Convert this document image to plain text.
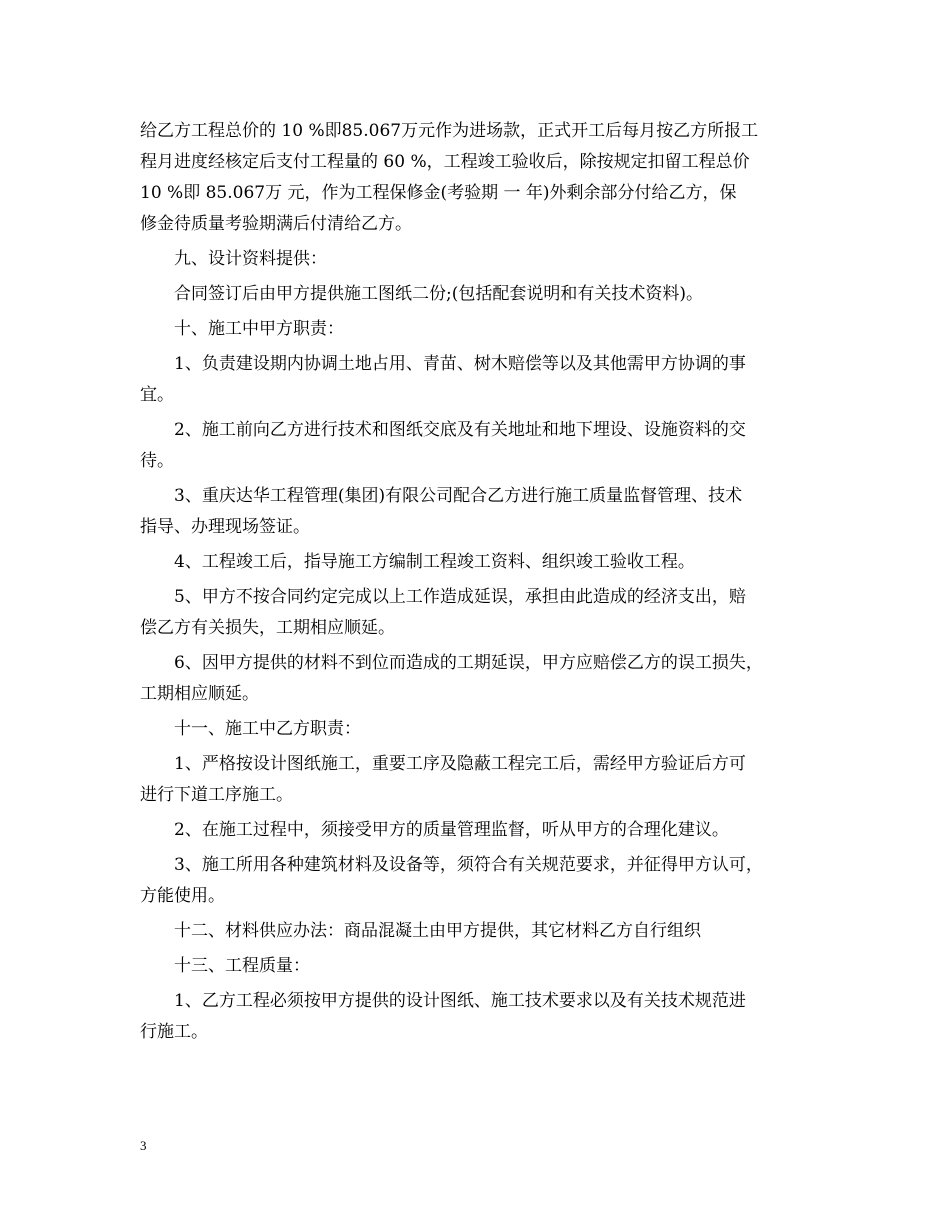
给乙方工程总价的 10 %即85.067万元作为进场款，正式开工后每月按乙方所报工
程月进度经核定后支付工程量的 60 %，工程竣工验收后，除按规定扣留工程总价
10 %即 85.067万 元，作为工程保修金(考验期 一 年)外剩余部分付给乙方，保
修金待质量考验期满后付清给乙方。
九、设计资料提供：
合同签订后由甲方提供施工图纸二份;(包括配套说明和有关技术资料)。
十、施工中甲方职责：
1、负责建设期内协调土地占用、青苗、树木赔偿等以及其他需甲方协调的事
宜。
2、施工前向乙方进行技术和图纸交底及有关地址和地下埋设、设施资料的交
待。
3、重庆达华工程管理(集团)有限公司配合乙方进行施工质量监督管理、技术
指导、办理现场签证。
4、工程竣工后，指导施工方编制工程竣工资料、组织竣工验收工程。
5、甲方不按合同约定完成以上工作造成延误，承担由此造成的经济支出，赔
偿乙方有关损失，工期相应顺延。
6、因甲方提供的材料不到位而造成的工期延误，甲方应赔偿乙方的误工损失，
工期相应顺延。
十一、施工中乙方职责：
1、严格按设计图纸施工，重要工序及隐蔽工程完工后，需经甲方验证后方可
进行下道工序施工。
2、在施工过程中，须接受甲方的质量管理监督，听从甲方的合理化建议。
3、施工所用各种建筑材料及设备等，须符合有关规范要求，并征得甲方认可，
方能使用。
十二、材料供应办法：商品混凝土由甲方提供，其它材料乙方自行组织
十三、工程质量：
1、乙方工程必须按甲方提供的设计图纸、施工技术要求以及有关技术规范进
行施工。
3
